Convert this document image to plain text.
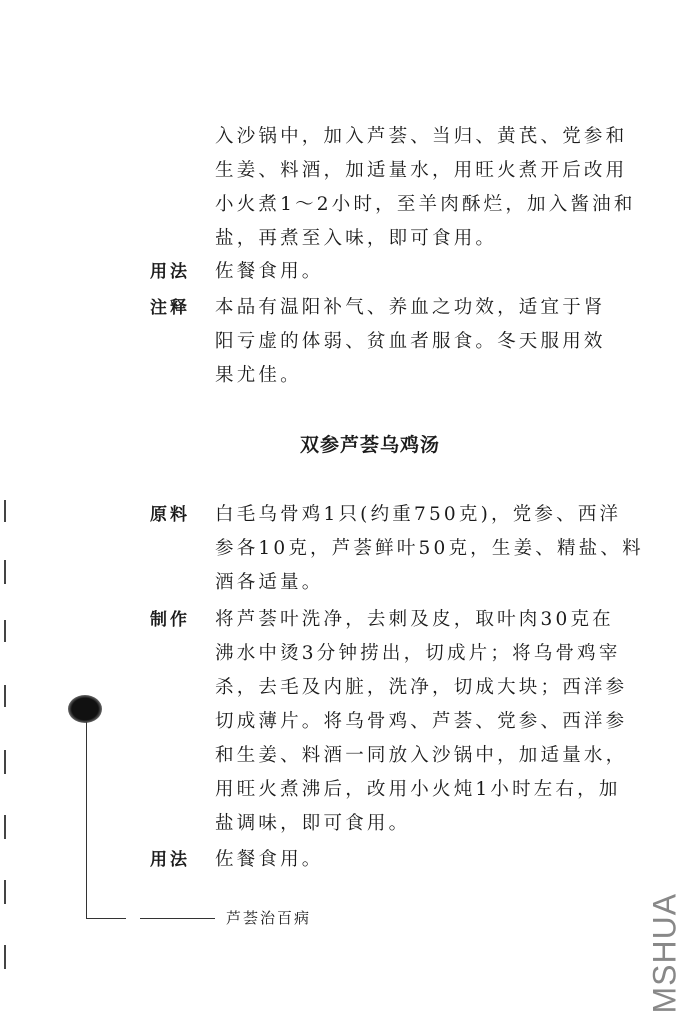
入沙锅中，加入芦荟、当归、黄芪、党参和
生姜、料酒，加适量水，用旺火煮开后改用
小火煮1～2小时，至羊肉酥烂，加入酱油和
盐，再煮至入味，即可食用。
用法 佐餐食用。
注释 本品有温阳补气、养血之功效，适宜于肾
阳亏虚的体弱、贫血者服食。冬天服用效
果尤佳。
双参芦荟乌鸡汤
原料 白毛乌骨鸡1只(约重750克)，党参、西洋
参各10克，芦荟鲜叶50克，生姜、精盐、料
酒各适量。
制作 将芦荟叶洗净，去刺及皮，取叶肉30克在
沸水中烫3分钟捞出，切成片；将乌骨鸡宰
杀，去毛及内脏，洗净，切成大块；西洋参
切成薄片。将乌骨鸡、芦荟、党参、西洋参
和生姜、料酒一同放入沙锅中，加适量水，
用旺火煮沸后，改用小火炖1小时左右，加
盐调味，即可食用。
用法 佐餐食用。
芦荟治百病	MSHUA
